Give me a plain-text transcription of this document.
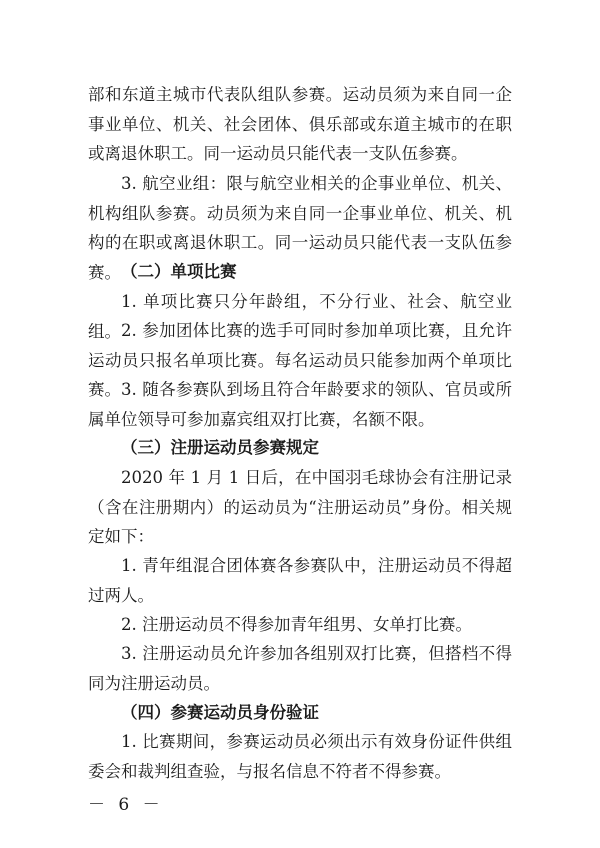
部和东道主城市代表队组队参赛。运动员须为来自同一企事业单位、机关、社会团体、俱乐部或东道主城市的在职或离退休职工。同一运动员只能代表一支队伍参赛。

3. 航空业组：限与航空业相关的企事业单位、机关、机构组队参赛。动员须为来自同一企事业单位、机关、机构的在职或离退休职工。同一运动员只能代表一支队伍参赛。 （二）单项比赛

1. 单项比赛只分年龄组，不分行业、社会、航空业组。 2. 参加团体比赛的选手可同时参加单项比赛，且允许运动员只报名单项比赛。每名运动员只能参加两个单项比赛。 3. 随各参赛队到场且符合年龄要求的领队、官员或所属单位领导可参加嘉宾组双打比赛，名额不限。

（三）注册运动员参赛规定

2020 年 1 月 1 日后，在中国羽毛球协会有注册记录（含在注册期内）的运动员为“注册运动员”身份。相关规定如下：

1. 青年组混合团体赛各参赛队中，注册运动员不得超过两人。

2. 注册运动员不得参加青年组男、女单打比赛。

3. 注册运动员允许参加各组别双打比赛，但搭档不得同为注册运动员。

（四）参赛运动员身份验证

1. 比赛期间，参赛运动员必须出示有效身份证件供组委会和裁判组查验，与报名信息不符者不得参赛。

－ 6 －
